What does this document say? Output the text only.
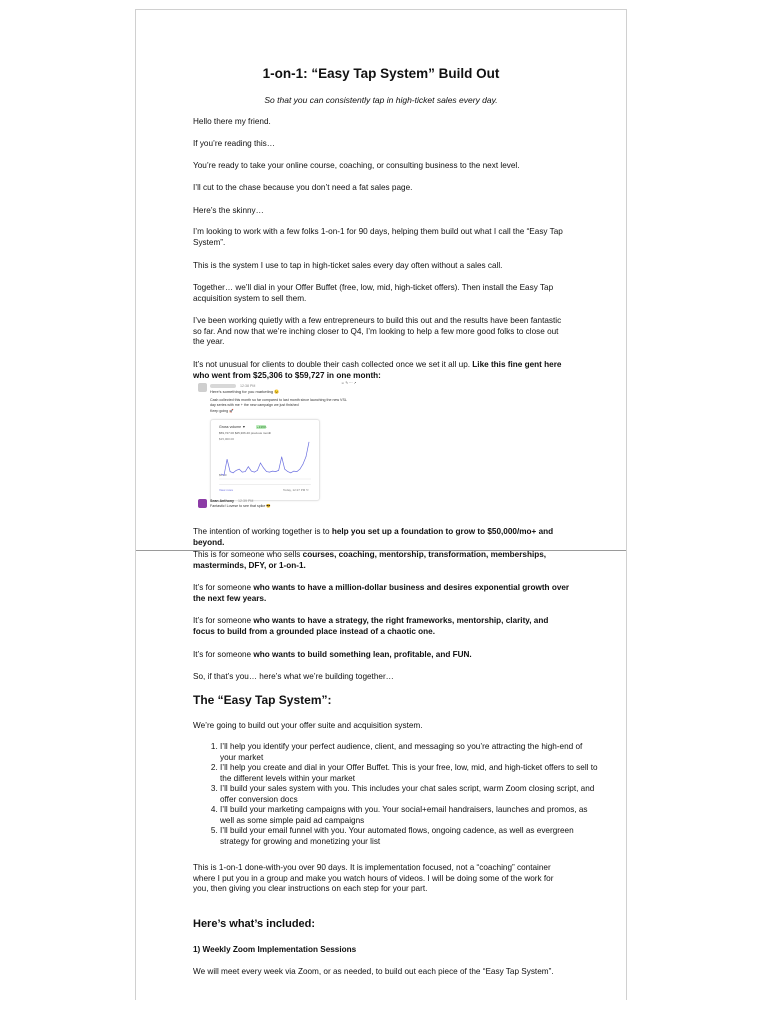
1-on-1: “Easy Tap System” Build Out

So that you can consistently tap in high-ticket sales every day.

Hello there my friend.

If you’re reading this…

You’re ready to take your online course, coaching, or consulting business to the next level.

I’ll cut to the chase because you don’t need a fat sales page.

Here’s the skinny…

I’m looking to work with a few folks 1-on-1 for 90 days, helping them build out what I call the “Easy Tap System”.

This is the system I use to tap in high-ticket sales every day often without a sales call.

Together… we’ll dial in your Offer Buffet (free, low, mid, high-ticket offers). Then install the Easy Tap acquisition system to sell them.

I’ve been working quietly with a few entrepreneurs to build this out and the results have been fantastic so far. And now that we’re inching closer to Q4, I’m looking to help a few more good folks to close out the year.

It’s not unusual for clients to double their cash collected once we set it all up. Like this fine gent here who went from $25,306 to $59,727 in one month:

12:38 PM
☺ ✎ ⋯ ↗
Here’s something for you marketing 😉
Cash collected this month so far compared to last month since launching the new VSL
day series with me + the new campaign we just finished
Keep going 🚀
Gross volume ▼	+136%
$59,727.00 $25,306.40 previous month
$15,000.00
$0.00
View more	Today, 12:27 PM ↻
Sean Anthony 12:39 PM
Fantastic! Lovese to see that spike 😎

The intention of working together is to help you set up a foundation to grow to $50,000/mo+ and beyond.

This is for someone who sells courses, coaching, mentorship, transformation, memberships, masterminds, DFY, or 1-on-1.

It’s for someone who wants to have a million-dollar business and desires exponential growth over the next few years.

It’s for someone who wants to have a strategy, the right frameworks, mentorship, clarity, and focus to build from a grounded place instead of a chaotic one.

It’s for someone who wants to build something lean, profitable, and FUN.

So, if that’s you… here’s what we’re building together…

The “Easy Tap System”:

We’re going to build out your offer suite and acquisition system.

1. I’ll help you identify your perfect audience, client, and messaging so you’re attracting the high-end of your market
2. I’ll help you create and dial in your Offer Buffet. This is your free, low, mid, and high-ticket offers to sell to the different levels within your market
3. I’ll build your sales system with you. This includes your chat sales script, warm Zoom closing script, and offer conversion docs
4. I’ll build your marketing campaigns with you. Your social+email handraisers, launches and promos, as well as some simple paid ad campaigns
5. I’ll build your email funnel with you. Your automated flows, ongoing cadence, as well as evergreen strategy for growing and monetizing your list

This is 1-on-1 done-with-you over 90 days. It is implementation focused, not a “coaching” container where I put you in a group and make you watch hours of videos. I will be doing some of the work for you, then giving you clear instructions on each step for your part.

Here’s what’s included:

1) Weekly Zoom Implementation Sessions

We will meet every week via Zoom, or as needed, to build out each piece of the “Easy Tap System”.
